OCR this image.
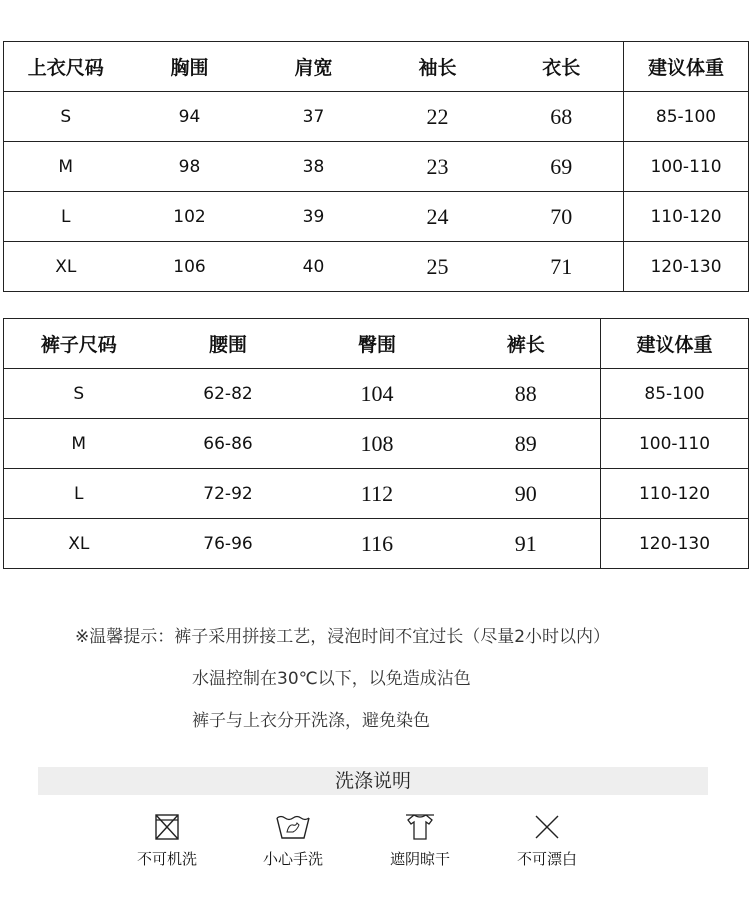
上衣尺码	胸围	肩宽	袖长	衣长	建议体重
S	94	37	22	68	85-100
M	98	38	23	69	100-110
L	102	39	24	70	110-120
XL	106	40	25	71	120-130
裤子尺码	腰围	臀围	裤长	建议体重
S	62-82	104	88	85-100
M	66-86	108	89	100-110
L	72-92	112	90	110-120
XL	76-96	116	91	120-130
※温馨提示：裤子采用拼接工艺，浸泡时间不宜过长（尽量2小时以内）
水温控制在30℃以下，以免造成沾色
裤子与上衣分开洗涤，避免染色
洗涤说明
不可机洗	小心手洗	遮阴晾干	不可漂白
